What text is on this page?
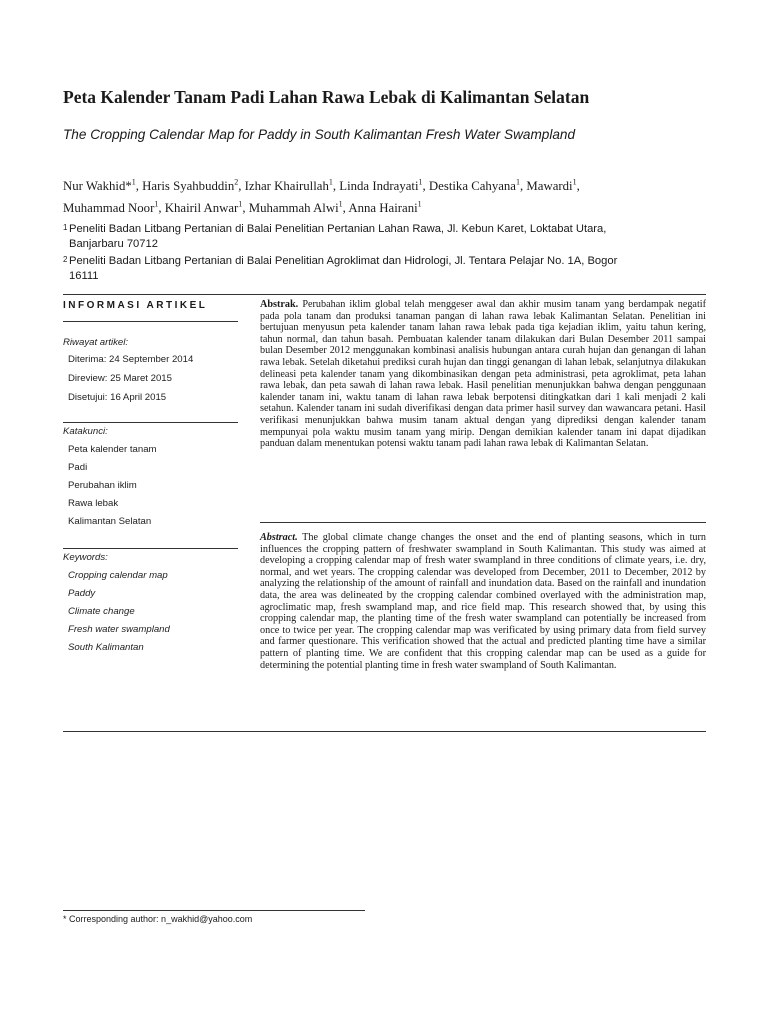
Peta Kalender Tanam Padi Lahan Rawa Lebak di Kalimantan Selatan

The Cropping Calendar Map for Paddy in South Kalimantan Fresh Water Swampland

Nur Wakhid*$^1$, Haris Syahbuddin$^2$, Izhar Khairullah$^1$, Linda Indrayati$^1$, Destika Cahyana$^1$, Mawardi$^1$,
Muhammad Noor$^1$, Khairil Anwar$^1$, Muhammah Alwi$^1$, Anna Hairani$^1$
1 Peneliti Badan Litbang Pertanian di Balai Penelitian Pertanian Lahan Rawa, Jl. Kebun Karet, Loktabat Utara,
Banjarbaru 70712
2 Peneliti Badan Litbang Pertanian di Balai Penelitian Agroklimat dan Hidrologi, Jl. Tentara Pelajar No. 1A, Bogor
16111

INFORMASI ARTIKEL

Riwayat artikel:

Diterima: 24 September 2014

Direview: 25 Maret 2015

Disetujui: 16 April 2015

Katakunci:

Peta kalender tanam

Padi

Perubahan iklim

Rawa lebak

Kalimantan Selatan

Keywords:

Cropping calendar map

Paddy

Climate change

Fresh water swampland

South Kalimantan

Abstrak. Perubahan iklim global telah menggeser awal dan akhir musim tanam yang berdampak negatif pada pola tanam dan produksi tanaman pangan di lahan rawa lebak Kalimantan Selatan. Penelitian ini bertujuan menyusun peta kalender tanam lahan rawa lebak pada tiga kejadian iklim, yaitu tahun kering, tahun normal, dan tahun basah. Pembuatan kalender tanam dilakukan dari Bulan Desember 2011 sampai bulan Desember 2012 menggunakan kombinasi analisis hubungan antara curah hujan dan genangan di lahan rawa lebak. Setelah diketahui prediksi curah hujan dan tinggi genangan di lahan lebak, selanjutnya dilakukan delineasi peta kalender tanam yang dikombinasikan dengan peta administrasi, peta agroklimat, peta lahan rawa lebak, dan peta sawah di lahan rawa lebak. Hasil penelitian menunjukkan bahwa dengan penggunaan kalender tanam ini, waktu tanam di lahan rawa lebak berpotensi ditingkatkan dari 1 kali menjadi 2 kali setahun. Kalender tanam ini sudah diverifikasi dengan data primer hasil survey dan wawancara petani. Hasil verifikasi menunjukkan bahwa musim tanam aktual dengan yang diprediksi dengan kalender tanam mempunyai pola waktu musim tanam yang mirip. Dengan demikian kalender tanam ini dapat dijadikan panduan dalam menentukan potensi waktu tanam padi lahan rawa lebak di Kalimantan Selatan.

Abstract. The global climate change changes the onset and the end of planting seasons, which in turn influences the cropping pattern of freshwater swampland in South Kalimantan. This study was aimed at developing a cropping calendar map of fresh water swampland in three conditions of climate years, i.e. dry, normal, and wet years. The cropping calendar was developed from December, 2011 to December, 2012 by analyzing the relationship of the amount of rainfall and inundation data. Based on the rainfall and inundation data, the area was delineated by the cropping calendar combined overlayed with the administration map, agroclimatic map, fresh swampland map, and rice field map. This research showed that, by using this cropping calendar map, the planting time of the fresh water swampland can potentially be increased from once to twice per year. The cropping calendar map was verificated by using primary data from field survey and farmer questionare. This verification showed that the actual and predicted planting time have a similar pattern of planting time. We are confident that this cropping calendar map can be used as a guide for determining the potential planting time in fresh water swampland of South Kalimantan.

* Corresponding author: n_wakhid@yahoo.com
